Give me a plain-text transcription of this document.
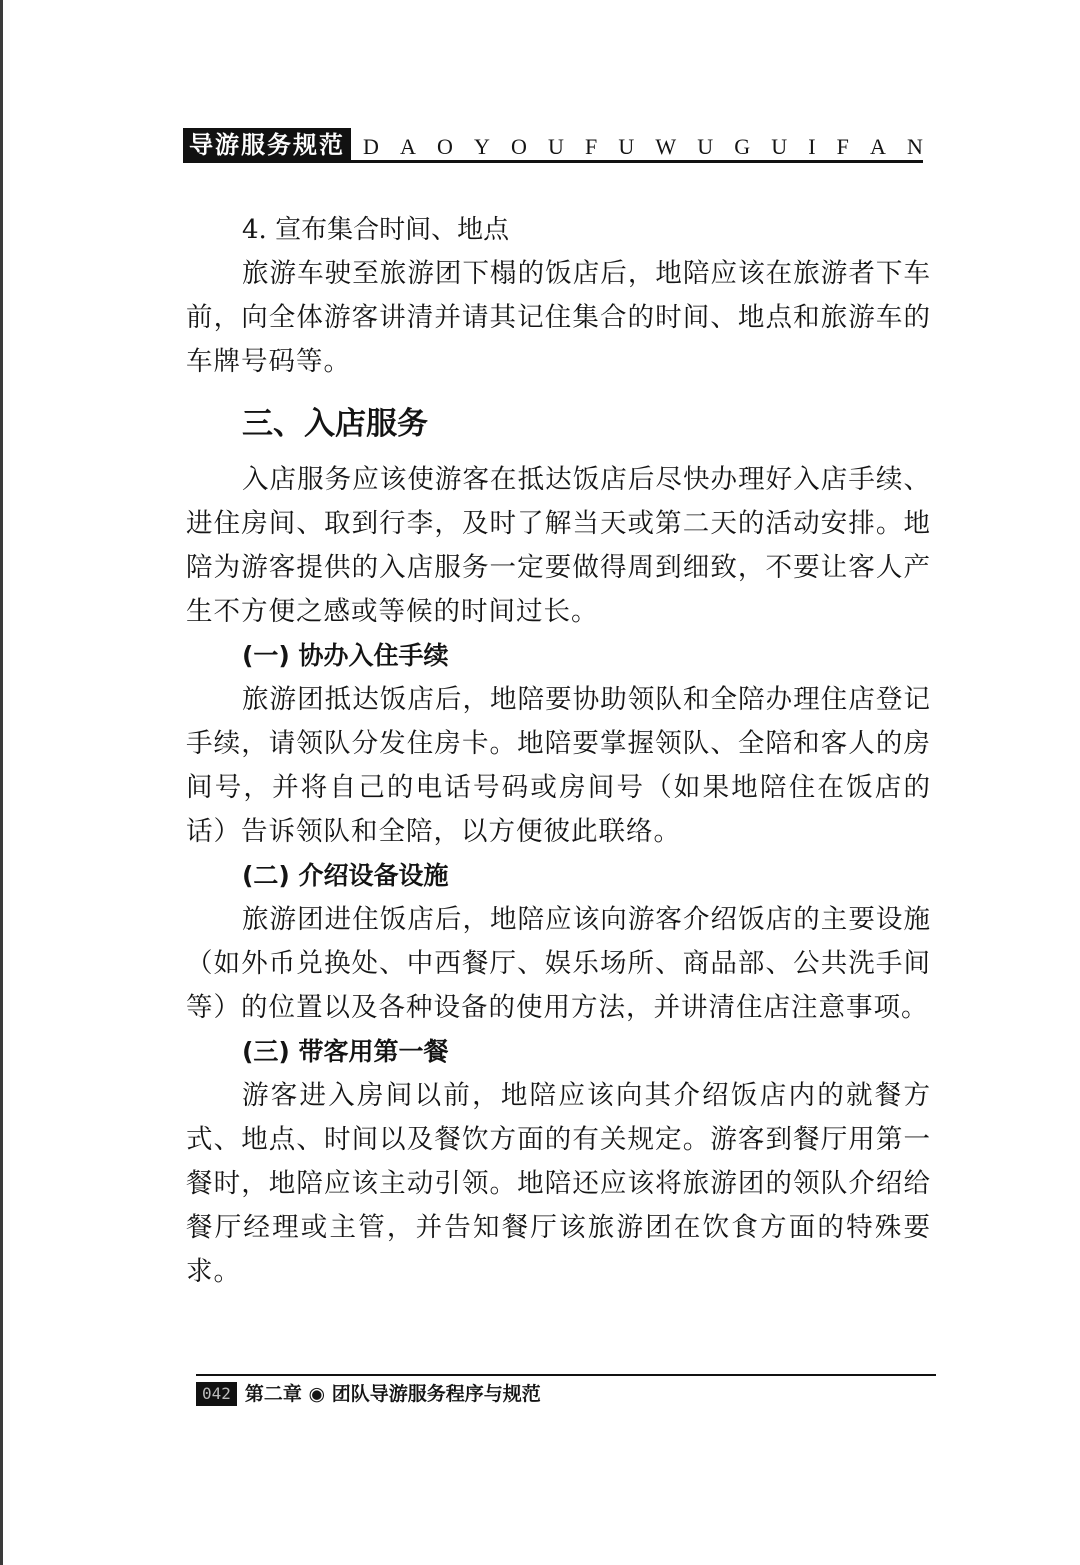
导游服务规范 D A O Y O U F U W U G U I F A N

4. 宣布集合时间、地点

旅游车驶至旅游团下榻的饭店后，地陪应该在旅游者下车前，向全体游客讲清并请其记住集合的时间、地点和旅游车的车牌号码等。

三、入店服务

入店服务应该使游客在抵达饭店后尽快办理好入店手续、进住房间、取到行李，及时了解当天或第二天的活动安排。地陪为游客提供的入店服务一定要做得周到细致，不要让客人产生不方便之感或等候的时间过长。

(一) 协办入住手续

旅游团抵达饭店后，地陪要协助领队和全陪办理住店登记手续，请领队分发住房卡。地陪要掌握领队、全陪和客人的房间号，并将自己的电话号码或房间号（如果地陪住在饭店的话）告诉领队和全陪，以方便彼此联络。

(二) 介绍设备设施

旅游团进住饭店后，地陪应该向游客介绍饭店的主要设施（如外币兑换处、中西餐厅、娱乐场所、商品部、公共洗手间等）的位置以及各种设备的使用方法，并讲清住店注意事项。

(三) 带客用第一餐

游客进入房间以前，地陪应该向其介绍饭店内的就餐方式、地点、时间以及餐饮方面的有关规定。游客到餐厅用第一餐时，地陪应该主动引领。地陪还应该将旅游团的领队介绍给餐厅经理或主管，并告知餐厅该旅游团在饮食方面的特殊要求。

042 第二章 ◉ 团队导游服务程序与规范
